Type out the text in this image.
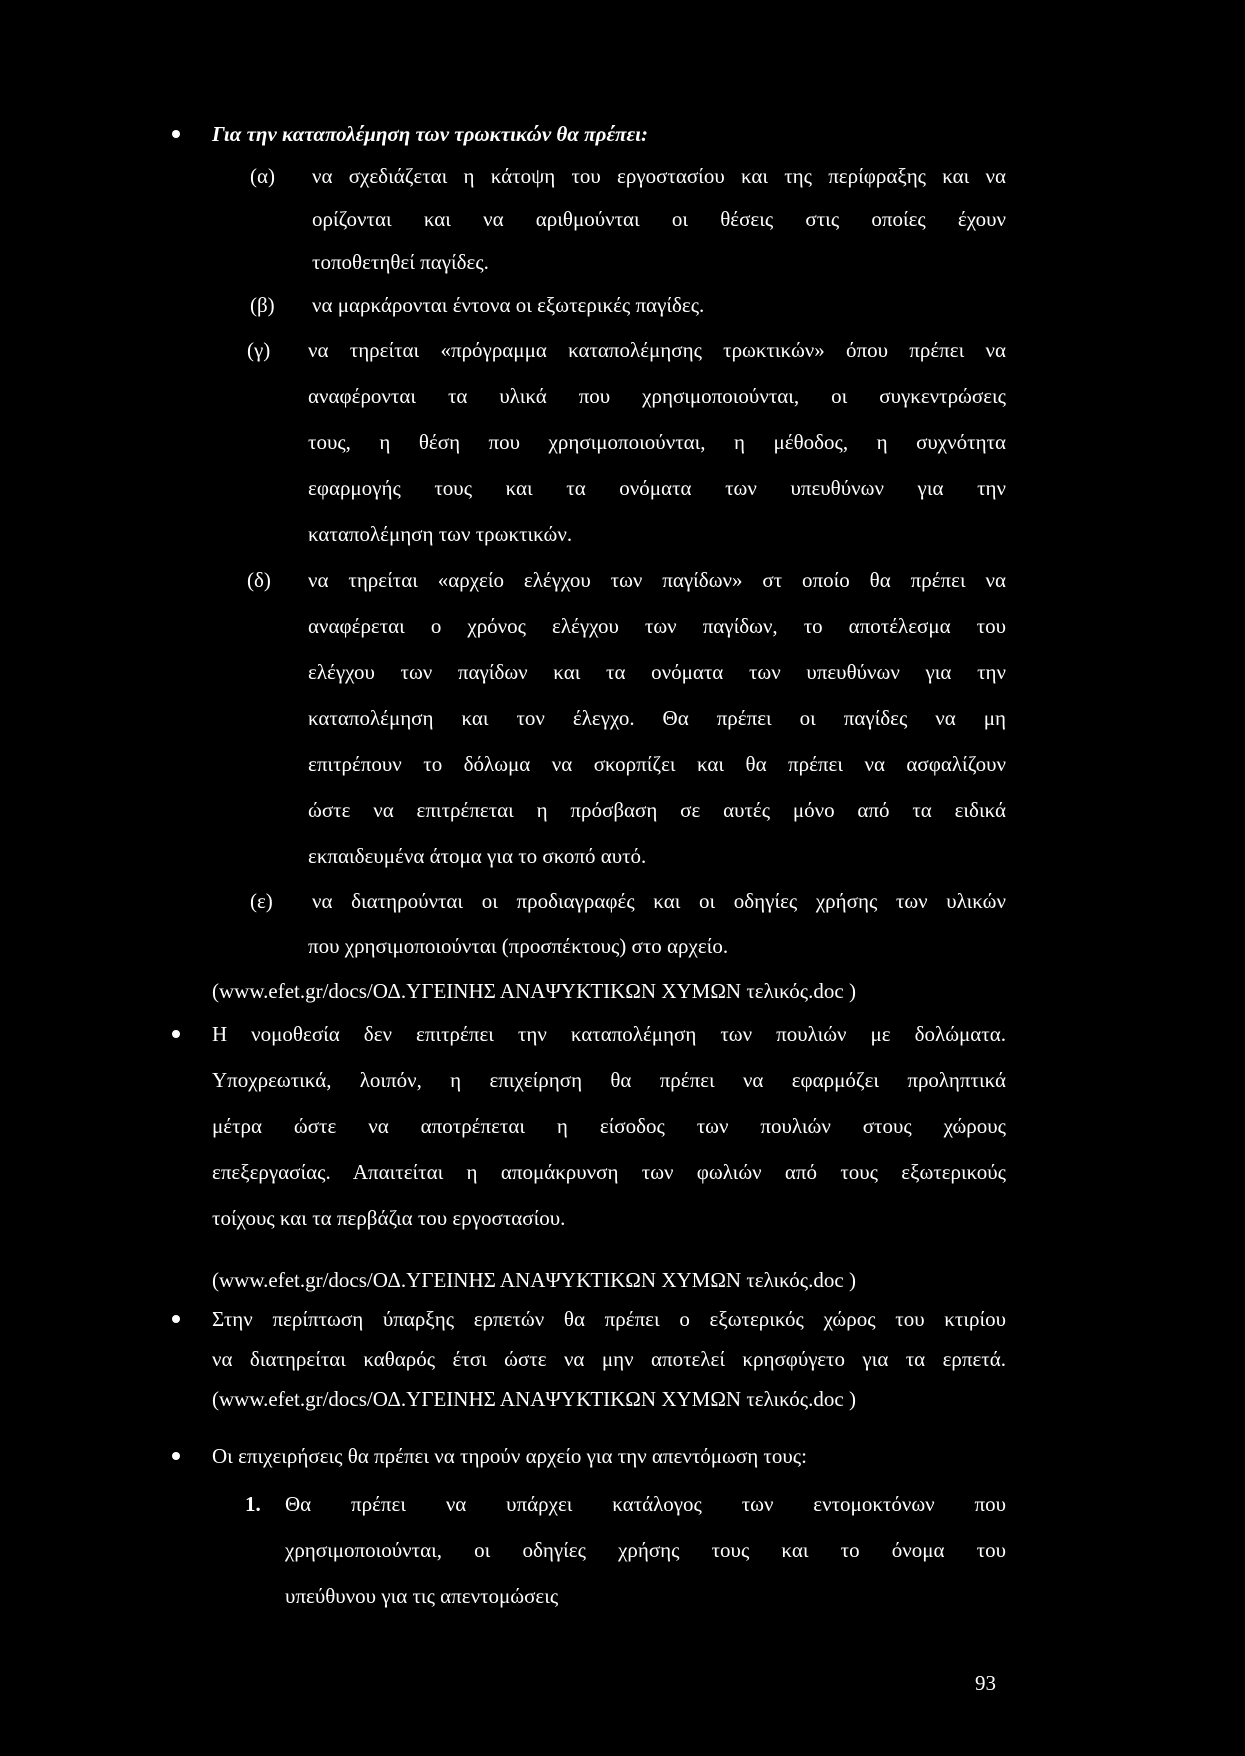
Για την καταπολέμηση των τρωκτικών θα πρέπει:
(α) να σχεδιάζεται η κάτοψη του εργοστασίου και της περίφραξης και να
ορίζονται και να αριθμούνται οι θέσεις στις οποίες έχουν
τοποθετηθεί παγίδες.
(β) να μαρκάρονται έντονα οι εξωτερικές παγίδες.
(γ) να τηρείται «πρόγραμμα καταπολέμησης τρωκτικών» όπου πρέπει να
αναφέρονται τα υλικά που χρησιμοποιούνται, οι συγκεντρώσεις
τους, η θέση που χρησιμοποιούνται, η μέθοδος, η συχνότητα
εφαρμογής τους και τα ονόματα των υπευθύνων για την
καταπολέμηση των τρωκτικών.
(δ) να τηρείται «αρχείο ελέγχου των παγίδων» στ οποίο θα πρέπει να
αναφέρεται ο χρόνος ελέγχου των παγίδων, το αποτέλεσμα του
ελέγχου των παγίδων και τα ονόματα των υπευθύνων για την
καταπολέμηση και τον έλεγχο. Θα πρέπει οι παγίδες να μη
επιτρέπουν το δόλωμα να σκορπίζει και θα πρέπει να ασφαλίζουν
ώστε να επιτρέπεται η πρόσβαση σε αυτές μόνο από τα ειδικά
εκπαιδευμένα άτομα για το σκοπό αυτό.
(ε) να διατηρούνται οι προδιαγραφές και οι οδηγίες χρήσης των υλικών
που χρησιμοποιούνται (προσπέκτους) στο αρχείο.
(www.efet.gr/docs/ΟΔ.ΥΓΕΙΝΗΣ ΑΝΑΨΥΚΤΙΚΩΝ ΧΥΜΩΝ τελικός.doc )
Η νομοθεσία δεν επιτρέπει την καταπολέμηση των πουλιών με δολώματα.
Υποχρεωτικά, λοιπόν, η επιχείρηση θα πρέπει να εφαρμόζει προληπτικά
μέτρα ώστε να αποτρέπεται η είσοδος των πουλιών στους χώρους
επεξεργασίας. Απαιτείται η απομάκρυνση των φωλιών από τους εξωτερικούς
τοίχους και τα περβάζια του εργοστασίου.
(www.efet.gr/docs/ΟΔ.ΥΓΕΙΝΗΣ ΑΝΑΨΥΚΤΙΚΩΝ ΧΥΜΩΝ τελικός.doc )
Στην περίπτωση ύπαρξης ερπετών θα πρέπει ο εξωτερικός χώρος του κτιρίου
να διατηρείται καθαρός έτσι ώστε να μην αποτελεί κρησφύγετο για τα ερπετά.
(www.efet.gr/docs/ΟΔ.ΥΓΕΙΝΗΣ ΑΝΑΨΥΚΤΙΚΩΝ ΧΥΜΩΝ τελικός.doc )
Οι επιχειρήσεις θα πρέπει να τηρούν αρχείο για την απεντόμωση τους:
1. Θα πρέπει να υπάρχει κατάλογος των εντομοκτόνων που
χρησιμοποιούνται, οι οδηγίες χρήσης τους και το όνομα του
υπεύθυνου για τις απεντομώσεις
93
